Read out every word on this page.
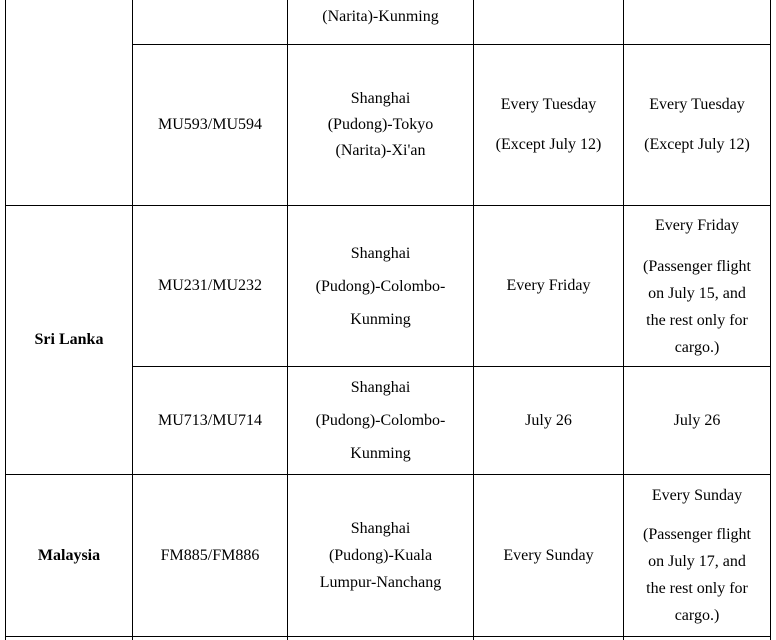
(Narita)-Kunming
MU593/MU594
Shanghai
(Pudong)-Tokyo
(Narita)-Xi'an
Every Tuesday
(Except July 12)
Every Tuesday
(Except July 12)
Sri Lanka
MU231/MU232
Shanghai
(Pudong)-Colombo-
Kunming
Every Friday
Every Friday
(Passenger flight
on July 15, and
the rest only for
cargo.)
MU713/MU714
Shanghai
(Pudong)-Colombo-
Kunming
July 26	July 26
Malaysia	FM885/FM886
Shanghai
(Pudong)-Kuala
Lumpur-Nanchang
Every Sunday
Every Sunday
(Passenger flight
on July 17, and
the rest only for
cargo.)
